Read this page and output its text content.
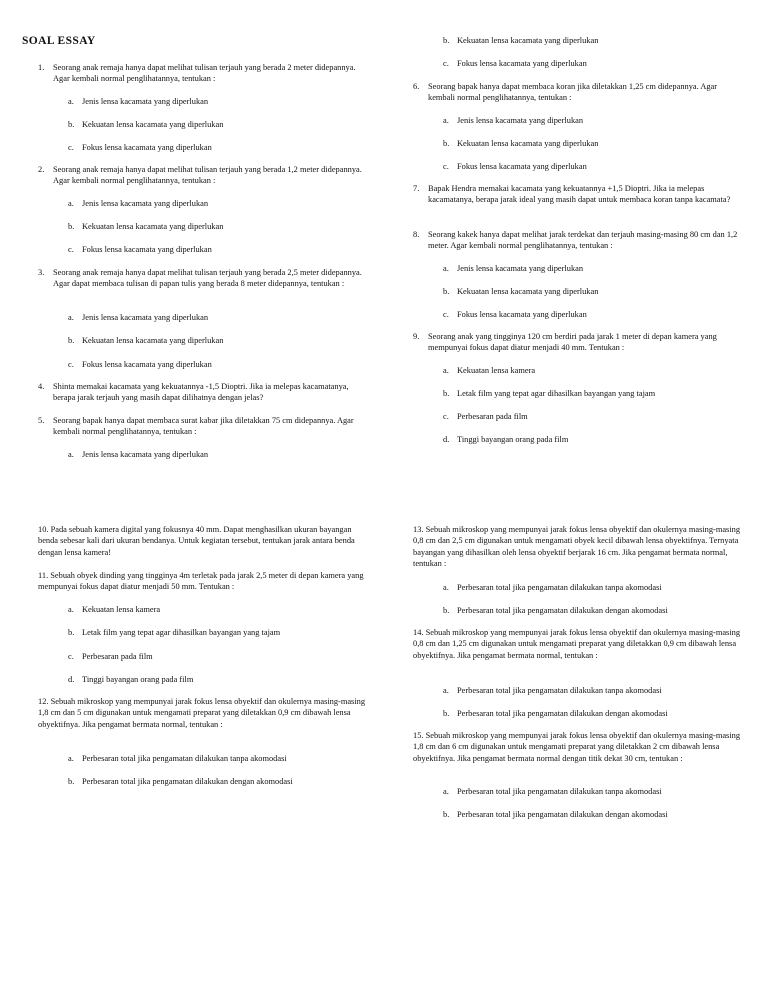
SOAL ESSAY
1. Seorang anak remaja hanya dapat melihat tulisan terjauh yang berada 2 meter didepannya. Agar kembali normal penglihatannya, tentukan :
a. Jenis lensa kacamata yang diperlukan
b. Kekuatan lensa kacamata yang diperlukan
c. Fokus lensa kacamata yang diperlukan
2. Seorang anak remaja hanya dapat melihat tulisan terjauh yang berada 1,2 meter didepannya. Agar kembali normal penglihatannya, tentukan :
a. Jenis lensa kacamata yang diperlukan
b. Kekuatan lensa kacamata yang diperlukan
c. Fokus lensa kacamata yang diperlukan
3. Seorang anak remaja hanya dapat melihat tulisan terjauh yang berada 2,5 meter didepannya. Agar dapat membaca tulisan di papan tulis yang berada 8 meter didepannya, tentukan :
a. Jenis lensa kacamata yang diperlukan
b. Kekuatan lensa kacamata yang diperlukan
c. Fokus lensa kacamata yang diperlukan
4. Shinta memakai kacamata yang kekuatannya -1,5 Dioptri. Jika ia melepas kacamatanya, berapa jarak terjauh yang masih dapat dilihatnya dengan jelas?
5. Seorang bapak hanya dapat membaca surat kabar jika diletakkan 75 cm didepannya. Agar kembali normal penglihatannya, tentukan :
a. Jenis lensa kacamata yang diperlukan
b. Kekuatan lensa kacamata yang diperlukan
c. Fokus lensa kacamata yang diperlukan
6. Seorang bapak hanya dapat membaca koran jika diletakkan 1,25 cm didepannya. Agar kembali normal penglihatannya, tentukan :
a. Jenis lensa kacamata yang diperlukan
b. Kekuatan lensa kacamata yang diperlukan
c. Fokus lensa kacamata yang diperlukan
7. Bapak Hendra memakai kacamata yang kekuatannya +1,5 Dioptri. Jika ia melepas kacamatanya, berapa jarak ideal yang masih dapat untuk membaca koran tanpa kacamata?
8. Seorang kakek hanya dapat melihat jarak terdekat dan terjauh masing-masing 80 cm dan 1,2 meter. Agar kembali normal penglihatannya, tentukan :
a. Jenis lensa kacamata yang diperlukan
b. Kekuatan lensa kacamata yang diperlukan
c. Fokus lensa kacamata yang diperlukan
9. Seorang anak yang tingginya 120 cm berdiri pada jarak 1 meter di depan kamera yang mempunyai fokus dapat diatur menjadi 40 mm. Tentukan :
a. Kekuatan lensa kamera
b. Letak film yang tepat agar dihasilkan bayangan yang tajam
c. Perbesaran pada film
d. Tinggi bayangan orang pada film
10. Pada sebuah kamera digital yang fokusnya 40 mm. Dapat menghasilkan ukuran bayangan benda sebesar kali dari ukuran bendanya. Untuk kegiatan tersebut, tentukan jarak antara benda dengan lensa kamera!
11. Sebuah obyek dinding yang tingginya 4m terletak pada jarak 2,5 meter di depan kamera yang mempunyai fokus dapat diatur menjadi 50 mm. Tentukan :
a. Kekuatan lensa kamera
b. Letak film yang tepat agar dihasilkan bayangan yang tajam
c. Perbesaran pada film
d. Tinggi bayangan orang pada film
12. Sebuah mikroskop yang mempunyai jarak fokus lensa obyektif dan okulernya masing-masing 1,8 cm dan 5 cm digunakan untuk mengamati preparat yang diletakkan 0,9 cm dibawah lensa obyektifnya. Jika pengamat bermata normal, tentukan :
a. Perbesaran total jika pengamatan dilakukan tanpa akomodasi
b. Perbesaran total jika pengamatan dilakukan dengan akomodasi
13. Sebuah mikroskop yang mempunyai jarak fokus lensa obyektif dan okulernya masing-masing 0,8 cm dan 2,5 cm digunakan untuk mengamati obyek kecil dibawah lensa obyektifnya. Ternyata bayangan yang dihasilkan oleh lensa obyektif berjarak 16 cm. Jika pengamat bermata normal, tentukan :
a. Perbesaran total jika pengamatan dilakukan tanpa akomodasi
b. Perbesaran total jika pengamatan dilakukan dengan akomodasi
14. Sebuah mikroskop yang mempunyai jarak fokus lensa obyektif dan okulernya masing-masing 0,8 cm dan 1,25 cm digunakan untuk mengamati preparat yang diletakkan 0,9 cm dibawah lensa obyektifnya. Jika pengamat bermata normal, tentukan :
a. Perbesaran total jika pengamatan dilakukan tanpa akomodasi
b. Perbesaran total jika pengamatan dilakukan dengan akomodasi
15. Sebuah mikroskop yang mempunyai jarak fokus lensa obyektif dan okulernya masing-masing 1,8 cm dan 6 cm digunakan untuk mengamati preparat yang diletakkan 2 cm dibawah lensa obyektifnya. Jika pengamat bermata normal dengan titik dekat 30 cm, tentukan :
a. Perbesaran total jika pengamatan dilakukan tanpa akomodasi
b. Perbesaran total jika pengamatan dilakukan dengan akomodasi
